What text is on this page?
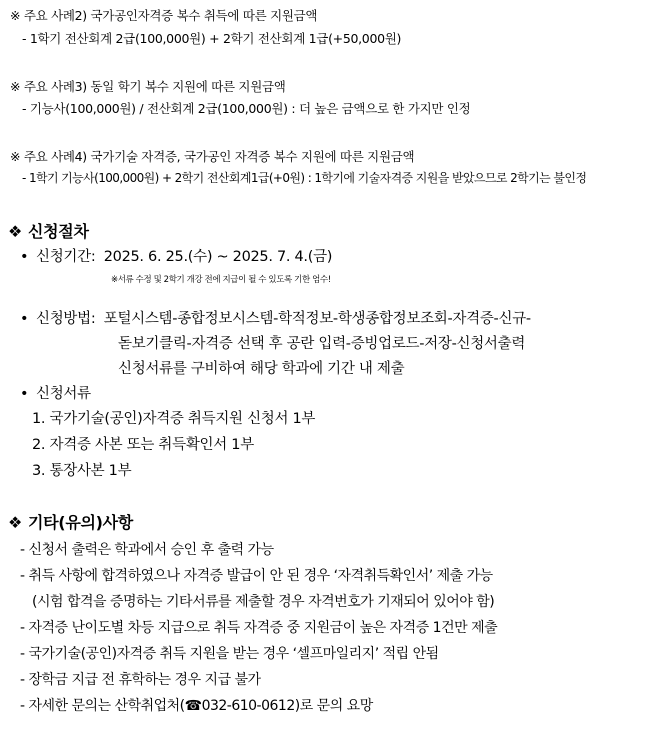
※ 주요 사례2) 국가공인자격증 복수 취득에 따른 지원금액
- 1학기 전산회계 2급(100,000원) + 2학기 전산회계 1급(+50,000원)
※ 주요 사례3) 동일 학기 복수 지원에 따른 지원금액
- 기능사(100,000원) / 전산회계 2급(100,000원) : 더 높은 금액으로 한 가지만 인정
※ 주요 사례4) 국가기술 자격증, 국가공인 자격증 복수 지원에 따른 지원금액
- 1학기 기능사(100,000원) + 2학기 전산회계1급(+0원) : 1학기에 기술자격증 지원을 받았으므로 2학기는 불인정
❖ 신청절차
• 신청기간: 2025. 6. 25.(수) ~ 2025. 7. 4.(금)
※서류 수정 및 2학기 개강 전에 지급이 될 수 있도록 기한 엄수!
• 신청방법: 포털시스템-종합정보시스템-학적정보-학생종합정보조회-자격증-신규-
돋보기클릭-자격증 선택 후 공란 입력-증빙업로드-저장-신청서출력
신청서류를 구비하여 해당 학과에 기간 내 제출
• 신청서류
1. 국가기술(공인)자격증 취득지원 신청서 1부
2. 자격증 사본 또는 취득확인서 1부
3. 통장사본 1부
❖ 기타(유의)사항
- 신청서 출력은 학과에서 승인 후 출력 가능
- 취득 사항에 합격하였으나 자격증 발급이 안 된 경우 ‘자격취득확인서’ 제출 가능
(시험 합격을 증명하는 기타서류를 제출할 경우 자격번호가 기재되어 있어야 함)
- 자격증 난이도별 차등 지급으로 취득 자격증 중 지원금이 높은 자격증 1건만 제출
- 국가기술(공인)자격증 취득 지원을 받는 경우 ‘셀프마일리지’ 적립 안됨
- 장학금 지급 전 휴학하는 경우 지급 불가
- 자세한 문의는 산학취업처(☎032-610-0612)로 문의 요망
